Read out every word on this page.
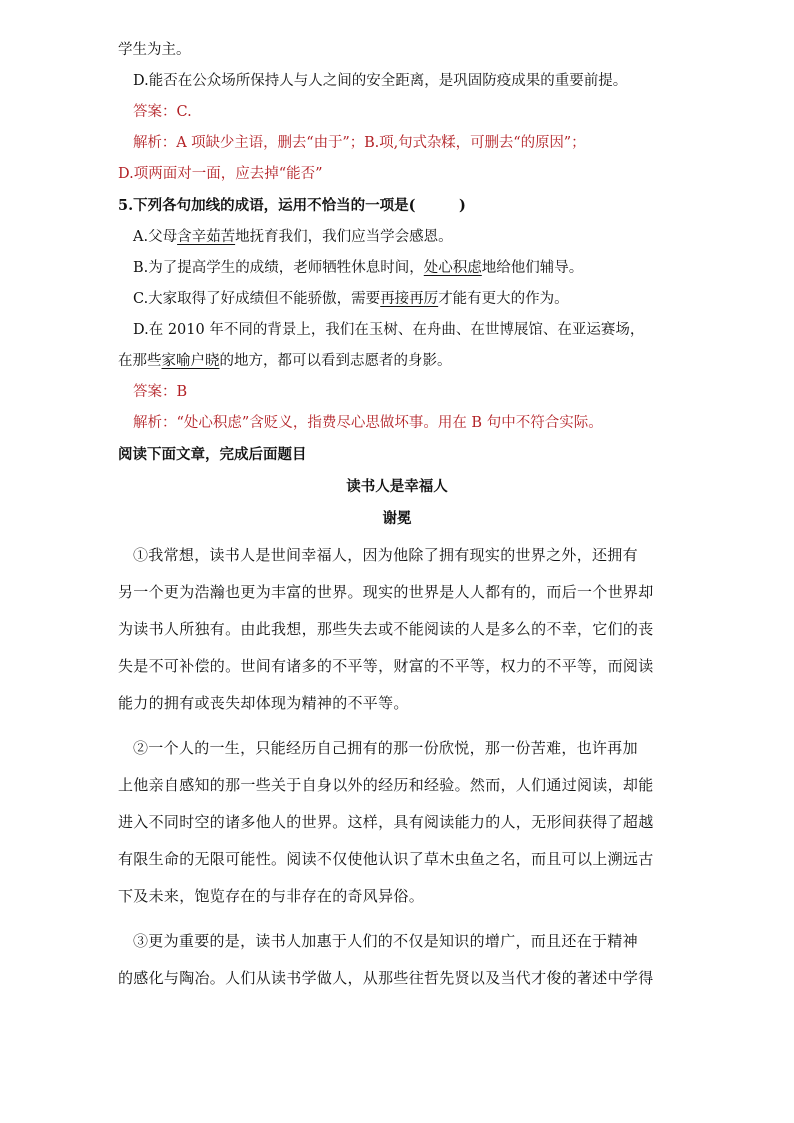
学生为主。
D.能否在公众场所保持人与人之间的安全距离，是巩固防疫成果的重要前提。
答案：C.
解析：A 项缺少主语，删去“由于”；B.项,句式杂糅，可删去“的原因”；
D.项两面对一面，应去掉“能否”
5.下列各句加线的成语，运用不恰当的一项是(　　　)
A.父母含辛茹苦地抚育我们，我们应当学会感恩。
B.为了提高学生的成绩，老师牺牲休息时间，处心积虑地给他们辅导。
C.大家取得了好成绩但不能骄傲，需要再接再厉才能有更大的作为。
D.在 2010 年不同的背景上，我们在玉树、在舟曲、在世博展馆、在亚运赛场，
在那些家喻户晓的地方，都可以看到志愿者的身影。
答案：B
解析：“处心积虑”含贬义，指费尽心思做坏事。用在 B 句中不符合实际。
阅读下面文章，完成后面题目
读书人是幸福人
谢冕
①我常想，读书人是世间幸福人，因为他除了拥有现实的世界之外，还拥有
另一个更为浩瀚也更为丰富的世界。现实的世界是人人都有的，而后一个世界却
为读书人所独有。由此我想，那些失去或不能阅读的人是多么的不幸，它们的丧
失是不可补偿的。世间有诸多的不平等，财富的不平等，权力的不平等，而阅读
能力的拥有或丧失却体现为精神的不平等。
②一个人的一生，只能经历自己拥有的那一份欣悦，那一份苦难，也许再加
上他亲自感知的那一些关于自身以外的经历和经验。然而，人们通过阅读，却能
进入不同时空的诸多他人的世界。这样，具有阅读能力的人，无形间获得了超越
有限生命的无限可能性。阅读不仅使他认识了草木虫鱼之名，而且可以上溯远古
下及未来，饱览存在的与非存在的奇风异俗。
③更为重要的是，读书人加惠于人们的不仅是知识的增广，而且还在于精神
的感化与陶冶。人们从读书学做人，从那些往哲先贤以及当代才俊的著述中学得
